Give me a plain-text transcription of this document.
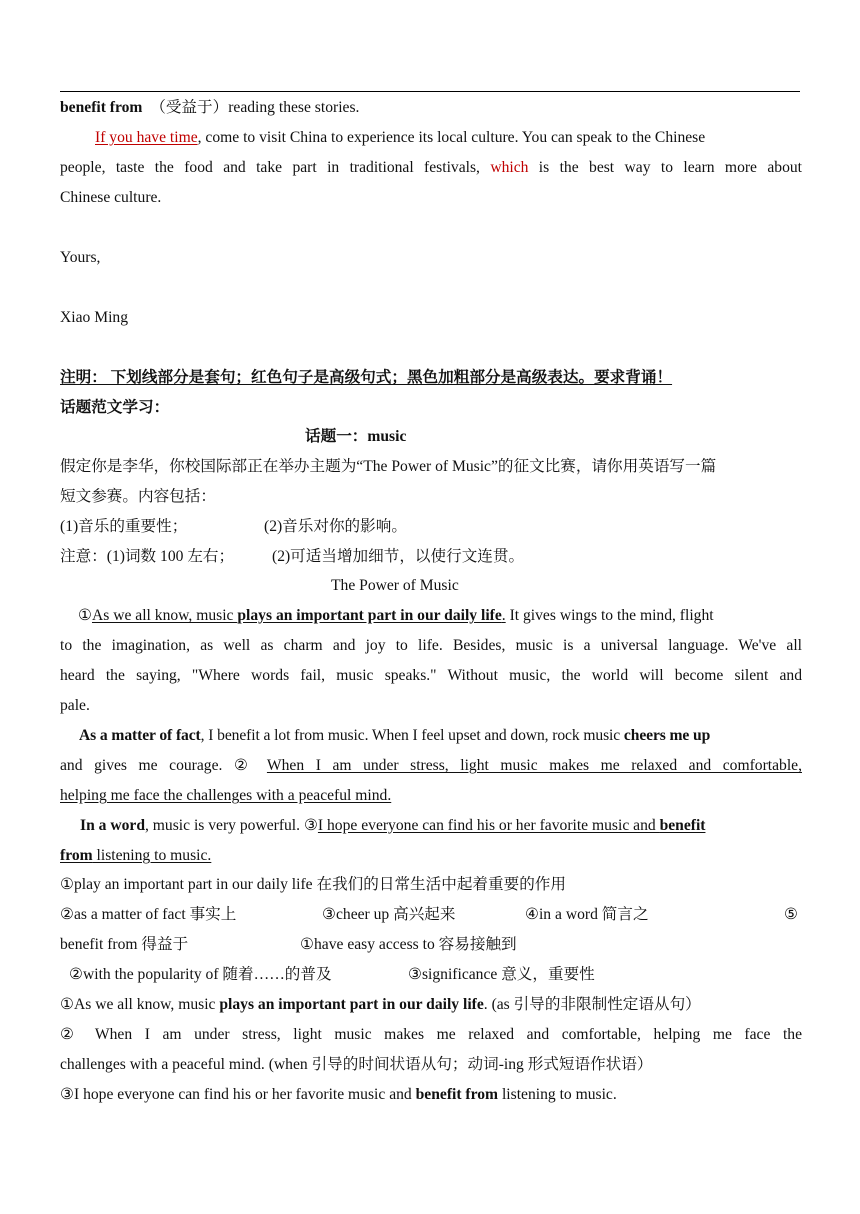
benefit from （受益于）reading these stories.
If you have time, come to visit China to experience its local culture. You can speak to the Chinese
people, taste the food and take part in traditional festivals, which is the best way to learn more about
Chinese culture.
Yours,
Xiao Ming
注明： 下划线部分是套句；红色句子是高级句式；黑色加粗部分是高级表达。要求背诵！
话题范文学习：
话题一：music
假定你是李华，你校国际部正在举办主题为“The Power of Music”的征文比赛，请你用英语写一篇
短文参赛。内容包括：
(1)音乐的重要性；	(2)音乐对你的影响。
注意：(1)词数 100 左右； (2)可适当增加细节，以使行文连贯。
The Power of Music
①As we all know, music plays an important part in our daily life. It gives wings to the mind, flight
to the imagination, as well as charm and joy to life. Besides, music is a universal language. We've all
heard the saying, "Where words fail, music speaks." Without music, the world will become silent and
pale.
As a matter of fact, I benefit a lot from music. When I feel upset and down, rock music cheers me up
and gives me courage. ② When I am under stress, light music makes me relaxed and comfortable,
helping me face the challenges with a peaceful mind.
In a word, music is very powerful. ③I hope everyone can find his or her favorite music and benefit
from listening to music.
①play an important part in our daily life 在我们的日常生活中起着重要的作用
②as a matter of fact 事实上	③cheer up 高兴起来	④in a word 简言之	⑤
benefit from 得益于	①have easy access to 容易接触到
②with the popularity of 随着……的普及	③significance 意义，重要性
①As we all know, music plays an important part in our daily life. (as 引导的非限制性定语从句）
② When I am under stress, light music makes me relaxed and comfortable, helping me face the
challenges with a peaceful mind. (when 引导的时间状语从句；动词-ing 形式短语作状语）
③I hope everyone can find his or her favorite music and benefit from listening to music.
